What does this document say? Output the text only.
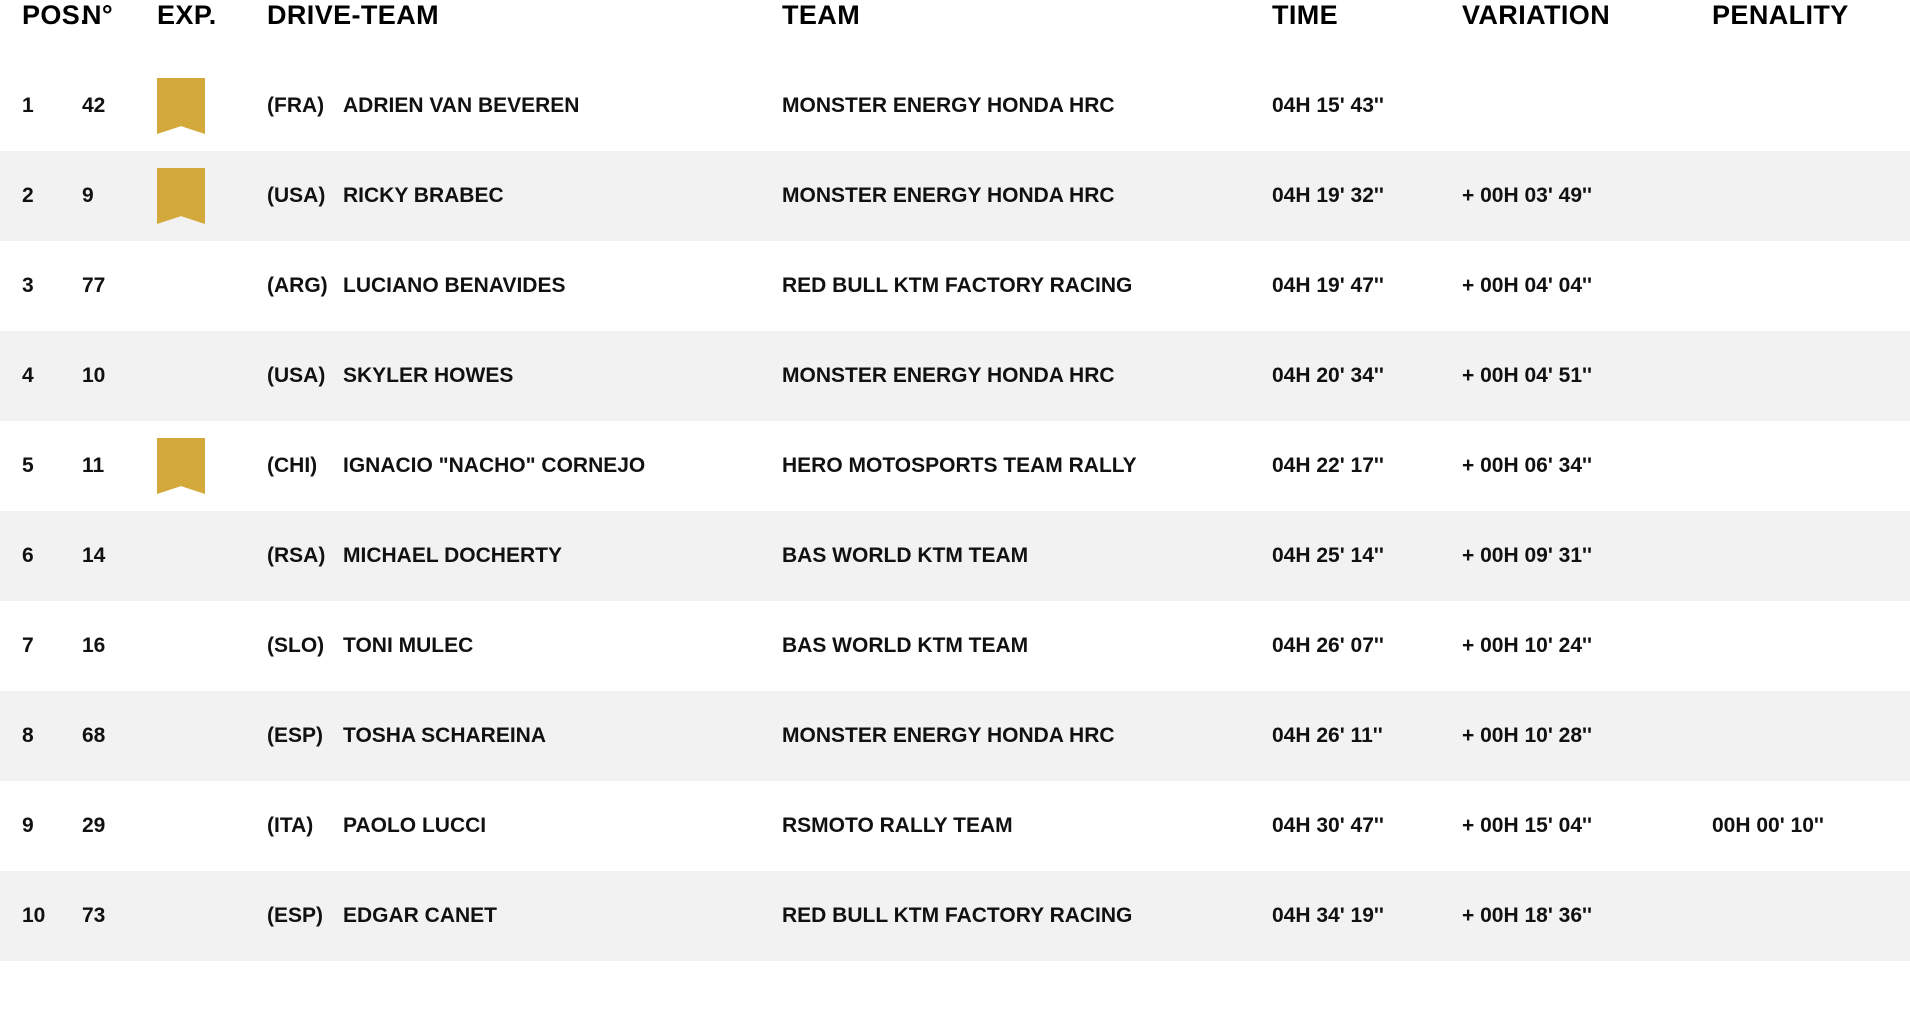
POS.	N°	EXP.	DRIVE-TEAM	TEAM	TIME	VARIATION	PENALITY
1	42		(FRA) ADRIEN VAN BEVEREN	MONSTER ENERGY HONDA HRC	04H 15' 43''		
2	9		(USA) RICKY BRABEC	MONSTER ENERGY HONDA HRC	04H 19' 32''	+ 00H 03' 49''	
3	77		(ARG) LUCIANO BENAVIDES	RED BULL KTM FACTORY RACING	04H 19' 47''	+ 00H 04' 04''	
4	10		(USA) SKYLER HOWES	MONSTER ENERGY HONDA HRC	04H 20' 34''	+ 00H 04' 51''	
5	11		(CHI) IGNACIO "NACHO" CORNEJO	HERO MOTOSPORTS TEAM RALLY	04H 22' 17''	+ 00H 06' 34''	
6	14		(RSA) MICHAEL DOCHERTY	BAS WORLD KTM TEAM	04H 25' 14''	+ 00H 09' 31''	
7	16		(SLO) TONI MULEC	BAS WORLD KTM TEAM	04H 26' 07''	+ 00H 10' 24''	
8	68		(ESP) TOSHA SCHAREINA	MONSTER ENERGY HONDA HRC	04H 26' 11''	+ 00H 10' 28''	
9	29		(ITA) PAOLO LUCCI	RSMOTO RALLY TEAM	04H 30' 47''	+ 00H 15' 04''	00H 00' 10''
10	73		(ESP) EDGAR CANET	RED BULL KTM FACTORY RACING	04H 34' 19''	+ 00H 18' 36''	
